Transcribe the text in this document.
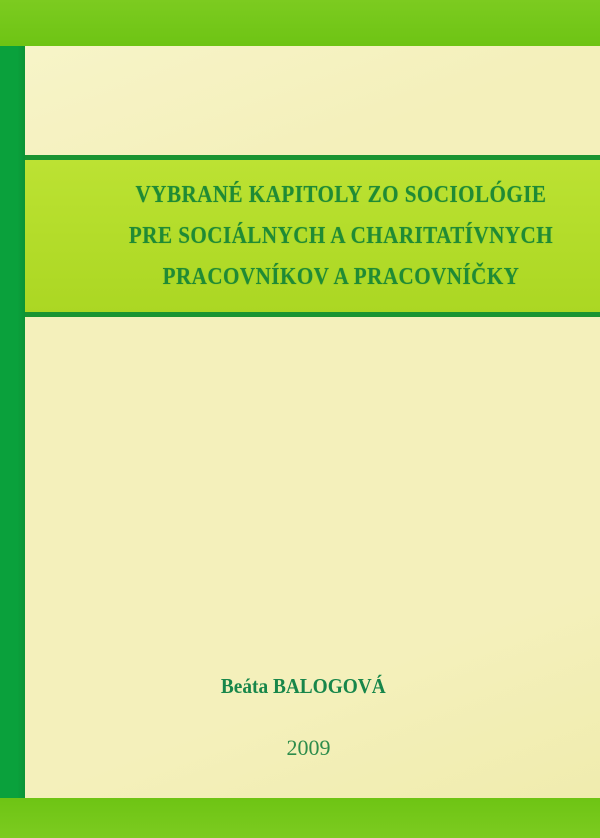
VYBRANÉ KAPITOLY ZO SOCIOLÓGIE
PRE SOCIÁLNYCH A CHARITATÍVNYCH
PRACOVNÍKOV A PRACOVNÍČKY
Beáta BALOGOVÁ
2009
